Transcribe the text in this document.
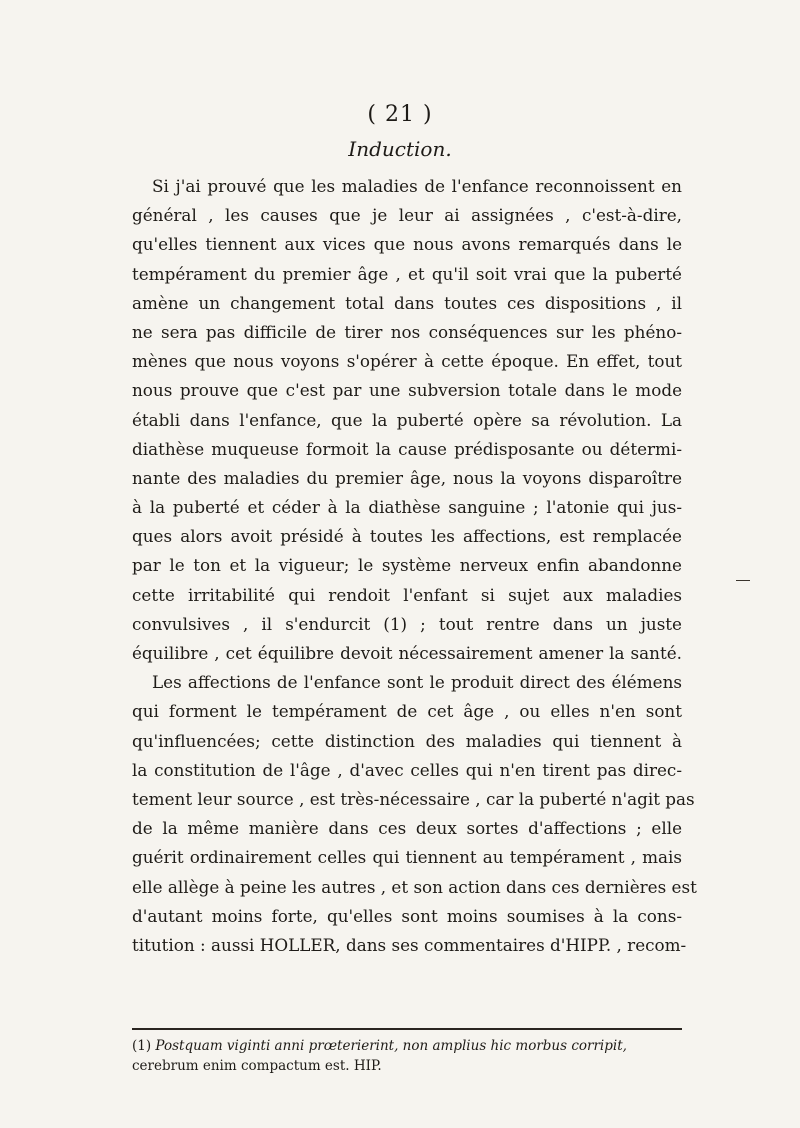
( 21 )
Induction.
Si j'ai prouvé que les maladies de l'enfance reconnoissent en
général , les causes que je leur ai assignées , c'est-à-dire,
qu'elles tiennent aux vices que nous avons remarqués dans le
tempérament du premier âge , et qu'il soit vrai que la puberté
amène un changement total dans toutes ces dispositions , il
ne sera pas difficile de tirer nos conséquences sur les phéno-
mènes que nous voyons s'opérer à cette époque. En effet, tout
nous prouve que c'est par une subversion totale dans le mode
établi dans l'enfance, que la puberté opère sa révolution. La
diathèse muqueuse formoit la cause prédisposante ou détermi-
nante des maladies du premier âge, nous la voyons disparoître
à la puberté et céder à la diathèse sanguine ; l'atonie qui jus-
ques alors avoit présidé à toutes les affections, est remplacée
par le ton et la vigueur; le système nerveux enfin abandonne
cette irritabilité qui rendoit l'enfant si sujet aux maladies
convulsives , il s'endurcit (1) ; tout rentre dans un juste
équilibre , cet équilibre devoit nécessairement amener la santé.
Les affections de l'enfance sont le produit direct des élémens
qui forment le tempérament de cet âge , ou elles n'en sont
qu'influencées; cette distinction des maladies qui tiennent à
la constitution de l'âge , d'avec celles qui n'en tirent pas direc-
tement leur source , est très-nécessaire , car la puberté n'agit pas
de la même manière dans ces deux sortes d'affections ; elle
guérit ordinairement celles qui tiennent au tempérament , mais
elle allège à peine les autres , et son action dans ces dernières est
d'autant moins forte, qu'elles sont moins soumises à la cons-
titution : aussi HOLLER, dans ses commentaires d'HIPP. , recom-
(1) Postquam viginti anni prœterierint, non amplius hic morbus corripit,
cerebrum enim compactum est. HIP.
